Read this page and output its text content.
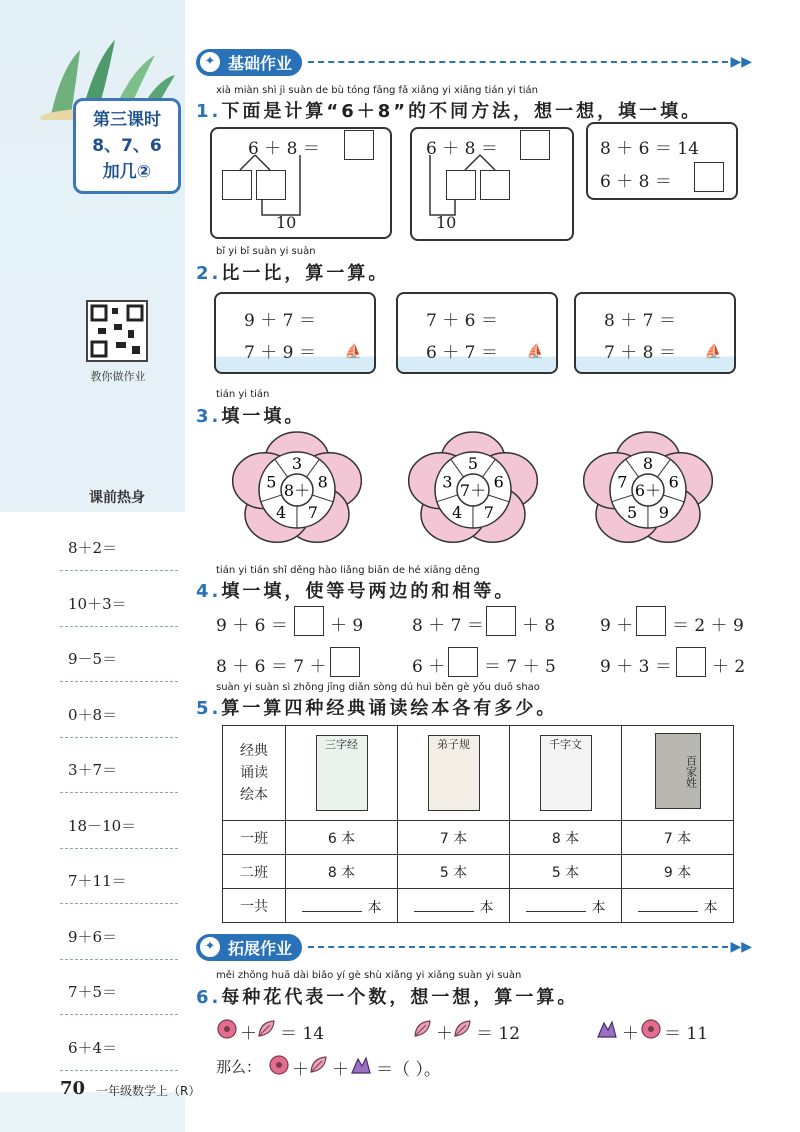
第三课时
8、7、6
加几②
教你做作业
课前热身
8＋2＝
10＋3＝
9－5＝
0＋8＝
3＋7＝
18－10＝
7＋11＝
9＋6＝
7＋5＝
6＋4＝
✦ 基础作业	▶▶
xià miàn shì jì suàn de bù tóng fāng fǎ xiǎng yi xiǎng tián yi tián
1.下面是计算“6＋8”的不同方法，想一想，填一填。
6 ＋ 8 ＝
10
6 ＋ 8 ＝
10
8 ＋ 6 ＝ 14
6 ＋ 8 ＝
bǐ yi bǐ suàn yi suàn
2.比一比，算一算。
9 ＋ 7 ＝
7 ＋ 9 ＝ ⛵
7 ＋ 6 ＝
6 ＋ 7 ＝ ⛵
8 ＋ 7 ＝
7 ＋ 8 ＝ ⛵
tián yi tián
3.填一填。
3
8
7
4
5 8＋
5
6
7
4
3 7＋
8
6
9
5
7 6＋
tián yi tián shǐ děng hào liǎng biān de hé xiāng děng
4.填一填，使等号两边的和相等。
9 ＋ 6 ＝ ＋ 9	8 ＋ 7 ＝ ＋ 8	9 ＋ ＝ 2 ＋ 9
8 ＋ 6 ＝ 7 ＋	6 ＋ ＝ 7 ＋ 5	9 ＋ 3 ＝ ＋ 2
suàn yi suàn sì zhǒng jīng diǎn sòng dú huì běn gè yǒu duō shao
5.算一算四种经典诵读绘本各有多少。
经典诵读绘本	三字经	弟子规	千字文	百家姓
一班	6 本	7 本	8 本	7 本
二班	8 本	5 本	5 本	9 本
一共	本	本	本	本
✦ 拓展作业	▶▶
měi zhǒng huā dài biǎo yí gè shù xiǎng yi xiǎng suàn yi suàn
6.每种花代表一个数，想一想，算一算。
＋ ＝ 14	＋ ＝ 12	＋ ＝ 11
那么： ＋ ＋ ＝（ ）。
70 一年级数学上（R）
